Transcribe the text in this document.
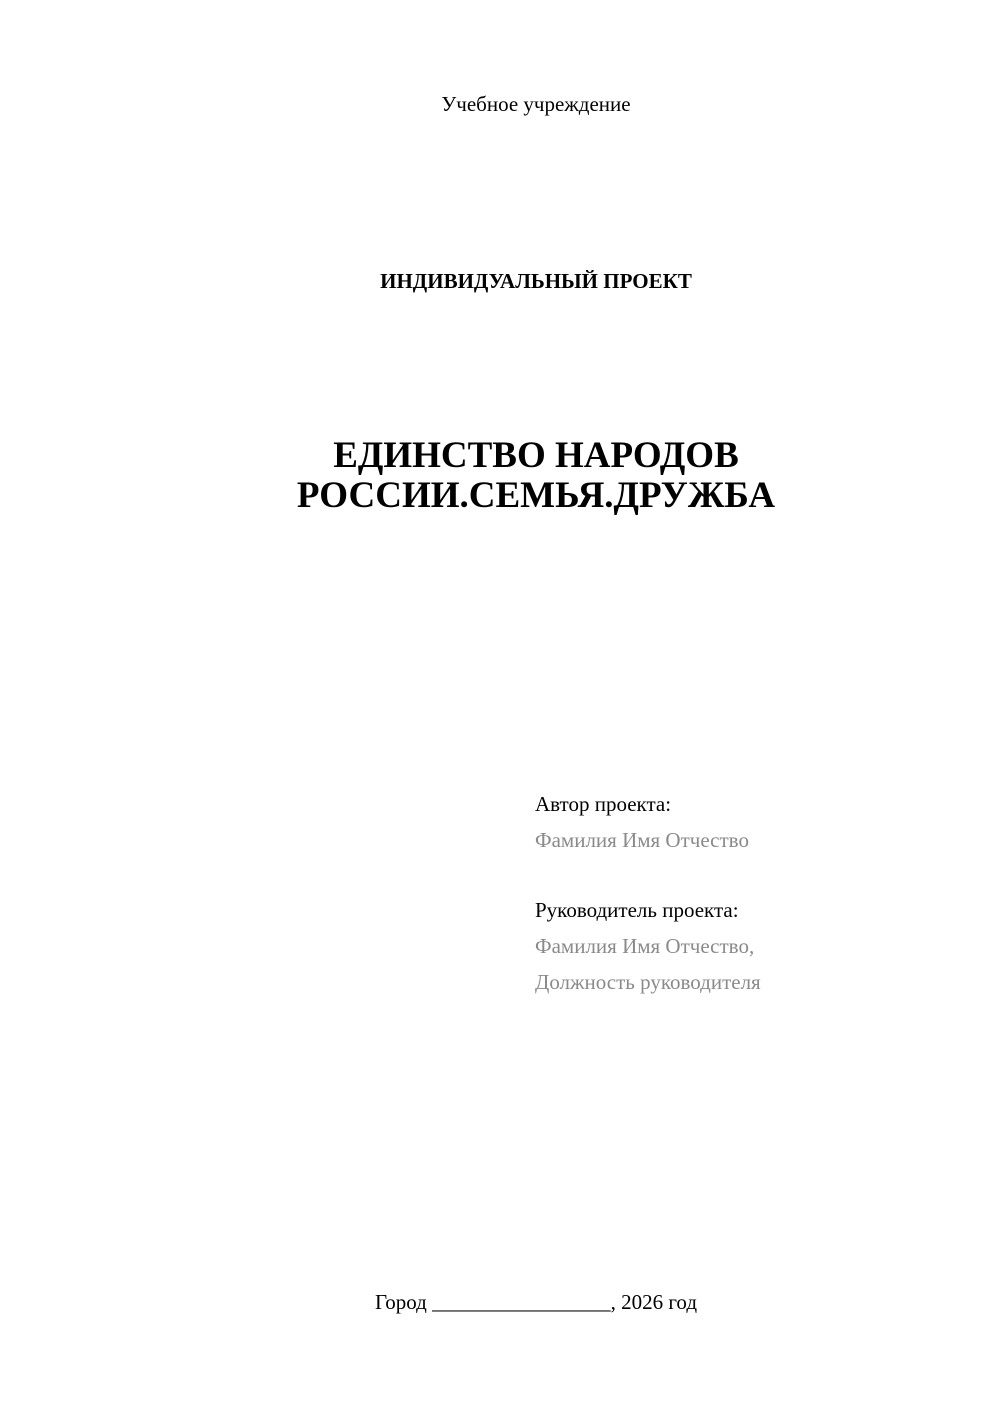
Учебное учреждение
ИНДИВИДУАЛЬНЫЙ ПРОЕКТ
ЕДИНСТВО НАРОДОВ
РОССИИ.СЕМЬЯ.ДРУЖБА
Автор проекта:
Фамилия Имя Отчество
Руководитель проекта:
Фамилия Имя Отчество,
Должность руководителя
Город _________________, 2026 год
